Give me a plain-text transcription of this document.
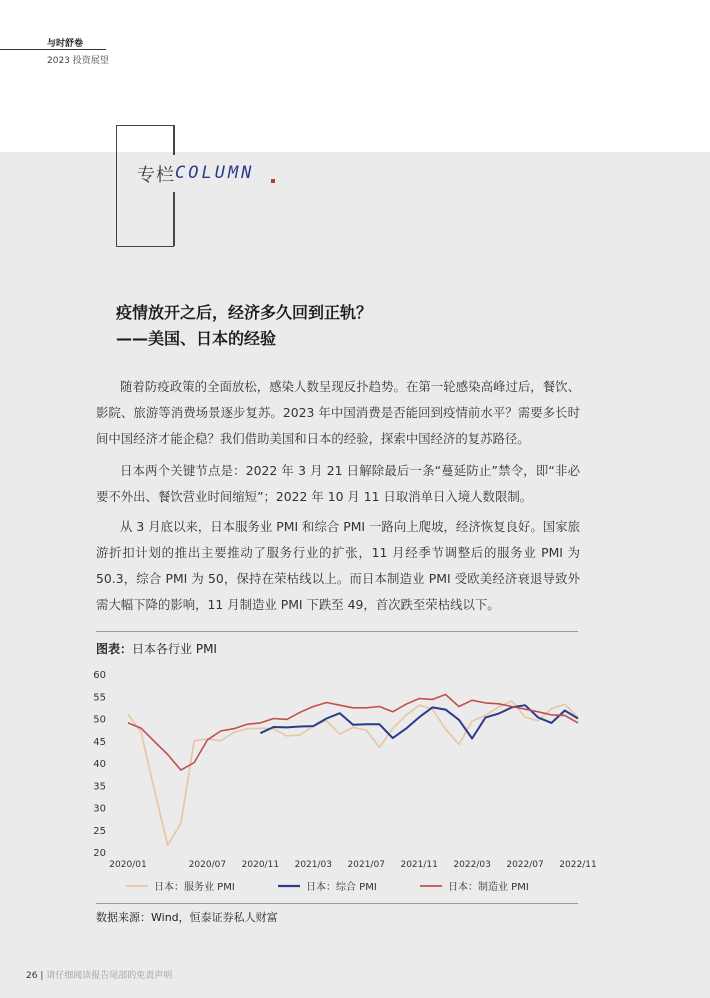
与时舒卷
2023 投资展望
专栏 COLUMN
疫情放开之后，经济多久回到正轨？
——美国、日本的经验

随着防疫政策的全面放松，感染人数呈现反扑趋势。在第一轮感染高峰过后，餐饮、影院、旅游等消费场景逐步复苏。2023 年中国消费是否能回到疫情前水平？需要多长时间中国经济才能企稳？我们借助美国和日本的经验，探索中国经济的复苏路径。

日本两个关键节点是：2022 年 3 月 21 日解除最后一条“蔓延防止”禁令，即“非必要不外出、餐饮营业时间缩短”；2022 年 10 月 11 日取消单日入境人数限制。

从 3 月底以来，日本服务业 PMI 和综合 PMI 一路向上爬坡，经济恢复良好。国家旅游折扣计划的推出主要推动了服务行业的扩张，11 月经季节调整后的服务业 PMI 为 50.3，综合 PMI 为 50，保持在荣枯线以上。而日本制造业 PMI 受欧美经济衰退导致外需大幅下降的影响，11 月制造业 PMI 下跌至 49，首次跌至荣枯线以下。

图表：日本各行业 PMI
20
25
30
35
40
45
50
55
60
2020/01	2020/07 2020/11 2021/03 2021/07 2021/11 2022/03 2022/07 2022/11
日本：服务业 PMI	日本：综合 PMI	日本：制造业 PMI
数据来源：Wind，恒泰证券私人财富
26 | 请仔细阅读报告尾部的免责声明
